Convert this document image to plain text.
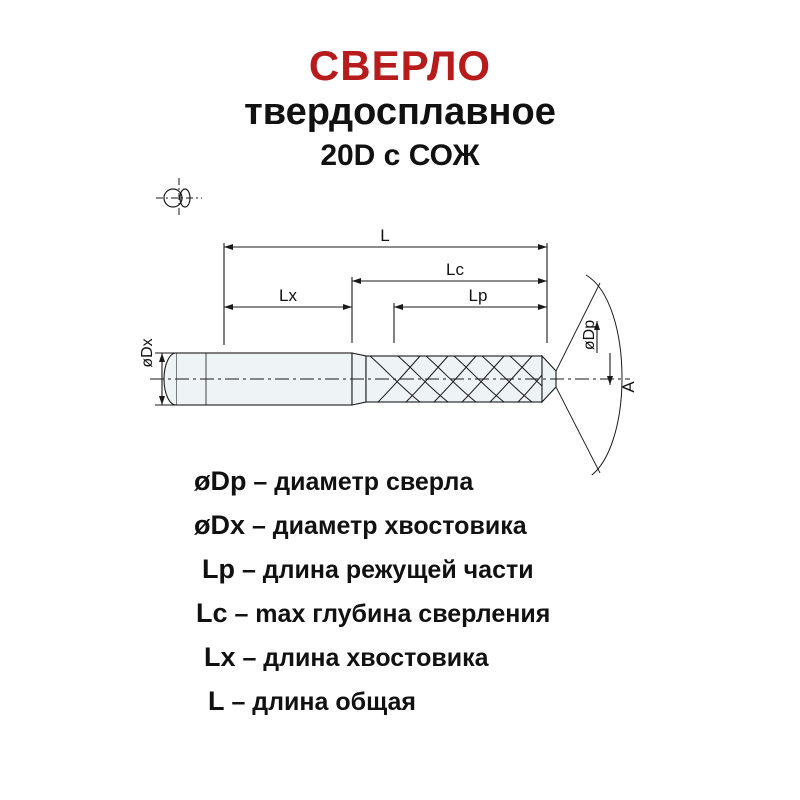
СВЕРЛО
твердосплавное
20D с СОЖ
L
Lc
Lx	Lp
øDx
øDp
A
øDp – диаметр сверла
øDx – диаметр хвостовика
Lp – длина режущей части
Lc – max глубина сверления
Lx – длина хвостовика
L – длина общая
